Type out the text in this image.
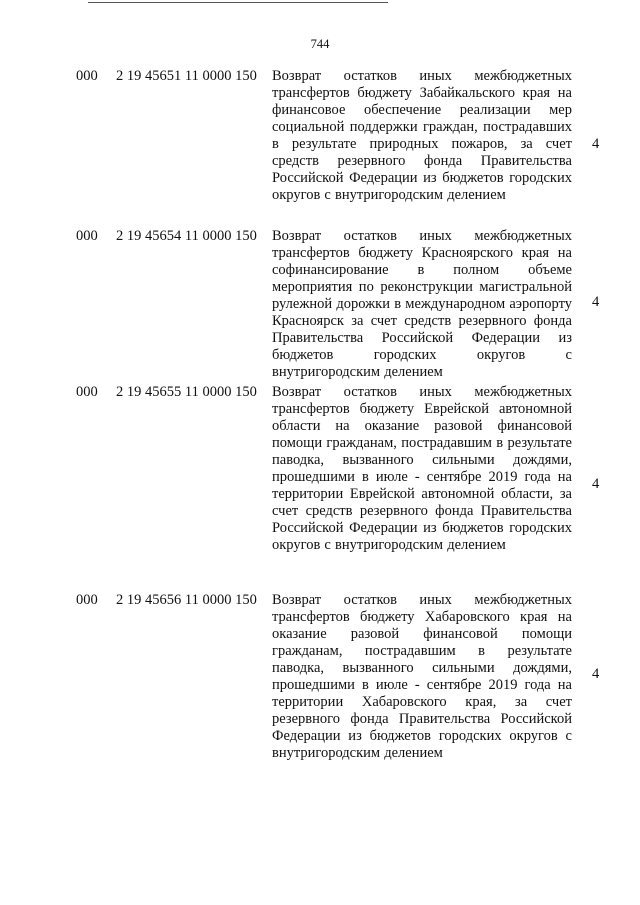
744
000 2 19 45651 11 0000 150 Возврат остатков иных межбюджетных трансфертов бюджету Забайкальского края на финансовое обеспечение реализации мер социальной поддержки граждан, пострадавших в результате природных пожаров, за счет средств резервного фонда Правительства Российской Федерации из бюджетов городских округов с внутригородским делением
4
000 2 19 45654 11 0000 150 Возврат остатков иных межбюджетных трансфертов бюджету Красноярского края на софинансирование в полном объеме мероприятия по реконструкции магистральной рулежной дорожки в международном аэропорту Красноярск за счет средств резервного фонда Правительства Российской Федерации из бюджетов городских округов с внутригородским делением
4
000 2 19 45655 11 0000 150 Возврат остатков иных межбюджетных трансфертов бюджету Еврейской автономной области на оказание разовой финансовой помощи гражданам, пострадавшим в результате паводка, вызванного сильными дождями, прошедшими в июле - сентябре 2019 года на территории Еврейской автономной области, за счет средств резервного фонда Правительства Российской Федерации из бюджетов городских округов с внутригородским делением
4
000 2 19 45656 11 0000 150 Возврат остатков иных межбюджетных трансфертов бюджету Хабаровского края на оказание разовой финансовой помощи гражданам, пострадавшим в результате паводка, вызванного сильными дождями, прошедшими в июле - сентябре 2019 года на территории Хабаровского края, за счет резервного фонда Правительства Российской Федерации из бюджетов городских округов с внутригородским делением
4
